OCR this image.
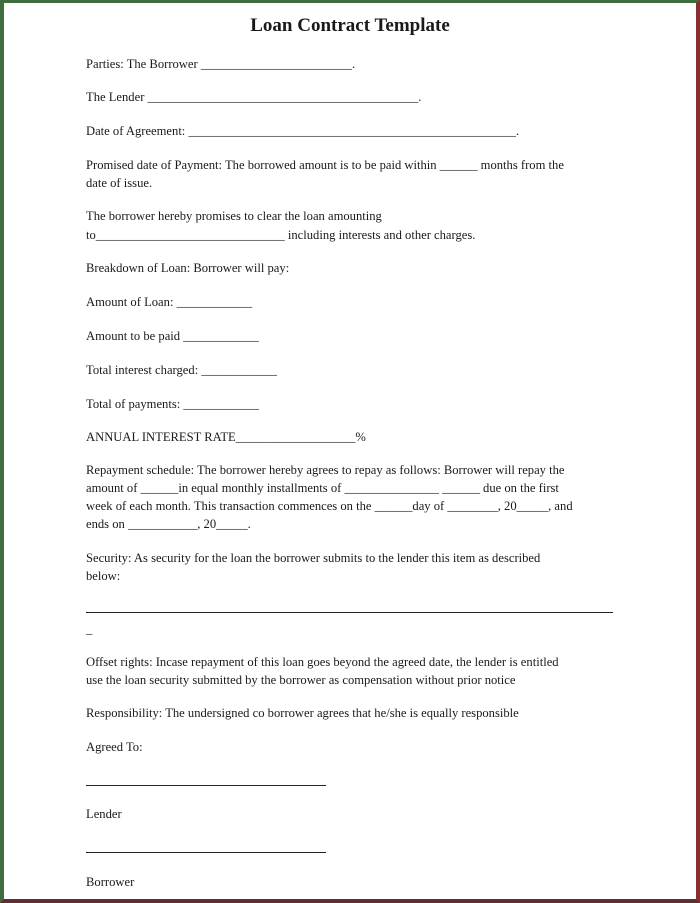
Loan Contract Template
Parties: The Borrower ________________________.
The Lender ___________________________________________.
Date of Agreement: ____________________________________________________.
Promised date of Payment: The borrowed amount is to be paid within ______ months from the
date of issue.
The borrower hereby promises to clear the loan amounting
to______________________________ including interests and other charges.
Breakdown of Loan: Borrower will pay:
Amount of Loan: ____________
Amount to be paid ____________
Total interest charged: ____________
Total of payments: ____________
ANNUAL INTEREST RATE___________________%
Repayment schedule: The borrower hereby agrees to repay as follows: Borrower will repay the
amount of ______in equal monthly installments of _______________ ______ due on the first
week of each month. This transaction commences on the ______day of ________, 20_____, and
ends on ___________, 20_____.
Security: As security for the loan the borrower submits to the lender this item as described
below:
_
Offset rights: Incase repayment of this loan goes beyond the agreed date, the lender is entitled
use the loan security submitted by the borrower as compensation without prior notice
Responsibility: The undersigned co borrower agrees that he/she is equally responsible
Agreed To:
Lender
Borrower
